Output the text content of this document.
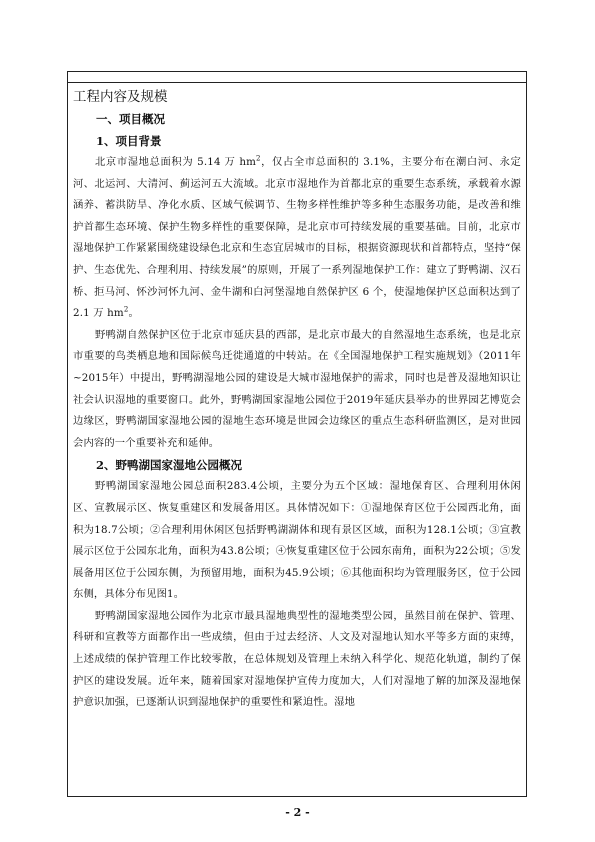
工程内容及规模
一、项目概况
1、项目背景

北京市湿地总面积为 5.14 万 $hm^2$，仅占全市总面积的 3.1%，主要分布在潮白河、永定河、北运河、大清河、蓟运河五大流域。北京市湿地作为首都北京的重要生态系统，承载着水源涵养、蓄洪防旱、净化水质、区域气候调节、生物多样性维护等多种生态服务功能，是改善和维护首都生态环境、保护生物多样性的重要保障，是北京市可持续发展的重要基础。目前，北京市湿地保护工作紧紧围绕建设绿色北京和生态宜居城市的目标，根据资源现状和首都特点，坚持“保护、生态优先、合理利用、持续发展”的原则，开展了一系列湿地保护工作：建立了野鸭湖、汉石桥、拒马河、怀沙河怀九河、金牛湖和白河堡湿地自然保护区 6 个，使湿地保护区总面积达到了 2.1 万 $hm^2$。

野鸭湖自然保护区位于北京市延庆县的西部，是北京市最大的自然湿地生态系统，也是北京市重要的鸟类栖息地和国际候鸟迁徙通道的中转站。在《全国湿地保护工程实施规划》（2011年~2015年）中提出，野鸭湖湿地公园的建设是大城市湿地保护的需求，同时也是普及湿地知识让社会认识湿地的重要窗口。此外，野鸭湖国家湿地公园位于2019年延庆县举办的世界园艺博览会边缘区，野鸭湖国家湿地公园的湿地生态环境是世园会边缘区的重点生态科研监测区，是对世园会内容的一个重要补充和延伸。

2、野鸭湖国家湿地公园概况

野鸭湖国家湿地公园总面积283.4公顷，主要分为五个区域：湿地保育区、合理利用休闲区、宣教展示区、恢复重建区和发展备用区。具体情况如下：①湿地保育区位于公园西北角，面积为18.7公顷；②合理利用休闲区包括野鸭湖湖体和现有景区区域，面积为128.1公顷；③宣教展示区位于公园东北角，面积为43.8公顷；④恢复重建区位于公园东南角，面积为22公顷；⑤发展备用区位于公园东侧，为预留用地，面积为45.9公顷；⑥其他面积均为管理服务区，位于公园东侧，具体分布见图1。

野鸭湖国家湿地公园作为北京市最具湿地典型性的湿地类型公园，虽然目前在保护、管理、科研和宣教等方面都作出一些成绩，但由于过去经济、人文及对湿地认知水平等多方面的束缚，上述成绩的保护管理工作比较零散，在总体规划及管理上未纳入科学化、规范化轨道，制约了保护区的建设发展。近年来，随着国家对湿地保护宣传力度加大，人们对湿地了解的加深及湿地保护意识加强，已逐渐认识到湿地保护的重要性和紧迫性。湿地

- 2 -
